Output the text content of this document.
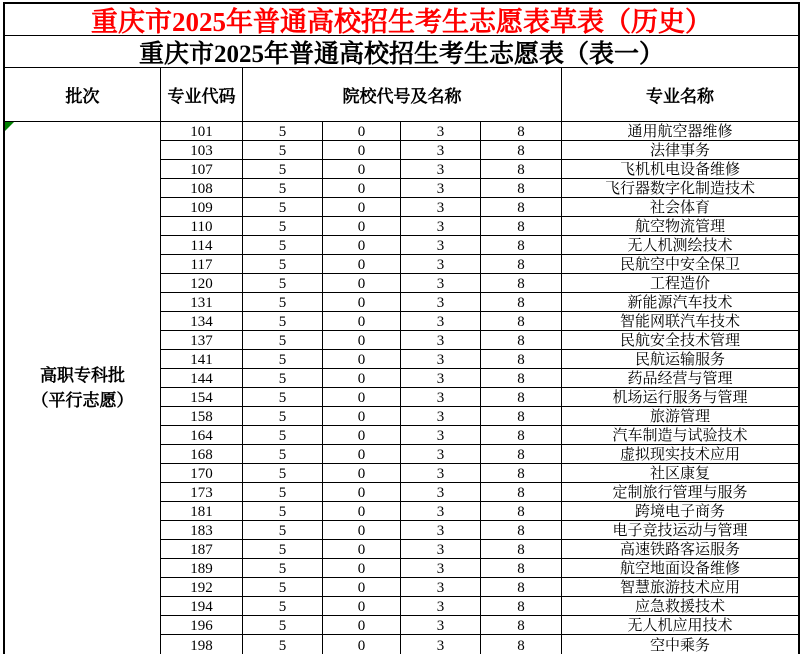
重庆市2025年普通高校招生考生志愿表草表（历史）
重庆市2025年普通高校招生考生志愿表（表一）
批次	专业代码	院校代号及名称	专业名称
高职专科批
（平行志愿）
101	5	0	3	8	通用航空器维修
103	5	0	3	8	法律事务
107	5	0	3	8	飞机机电设备维修
108	5	0	3	8	飞行器数字化制造技术
109	5	0	3	8	社会体育
110	5	0	3	8	航空物流管理
114	5	0	3	8	无人机测绘技术
117	5	0	3	8	民航空中安全保卫
120	5	0	3	8	工程造价
131	5	0	3	8	新能源汽车技术
134	5	0	3	8	智能网联汽车技术
137	5	0	3	8	民航安全技术管理
141	5	0	3	8	民航运输服务
144	5	0	3	8	药品经营与管理
154	5	0	3	8	机场运行服务与管理
158	5	0	3	8	旅游管理
164	5	0	3	8	汽车制造与试验技术
168	5	0	3	8	虚拟现实技术应用
170	5	0	3	8	社区康复
173	5	0	3	8	定制旅行管理与服务
181	5	0	3	8	跨境电子商务
183	5	0	3	8	电子竞技运动与管理
187	5	0	3	8	高速铁路客运服务
189	5	0	3	8	航空地面设备维修
192	5	0	3	8	智慧旅游技术应用
194	5	0	3	8	应急救援技术
196	5	0	3	8	无人机应用技术
198	5	0	3	8	空中乘务
